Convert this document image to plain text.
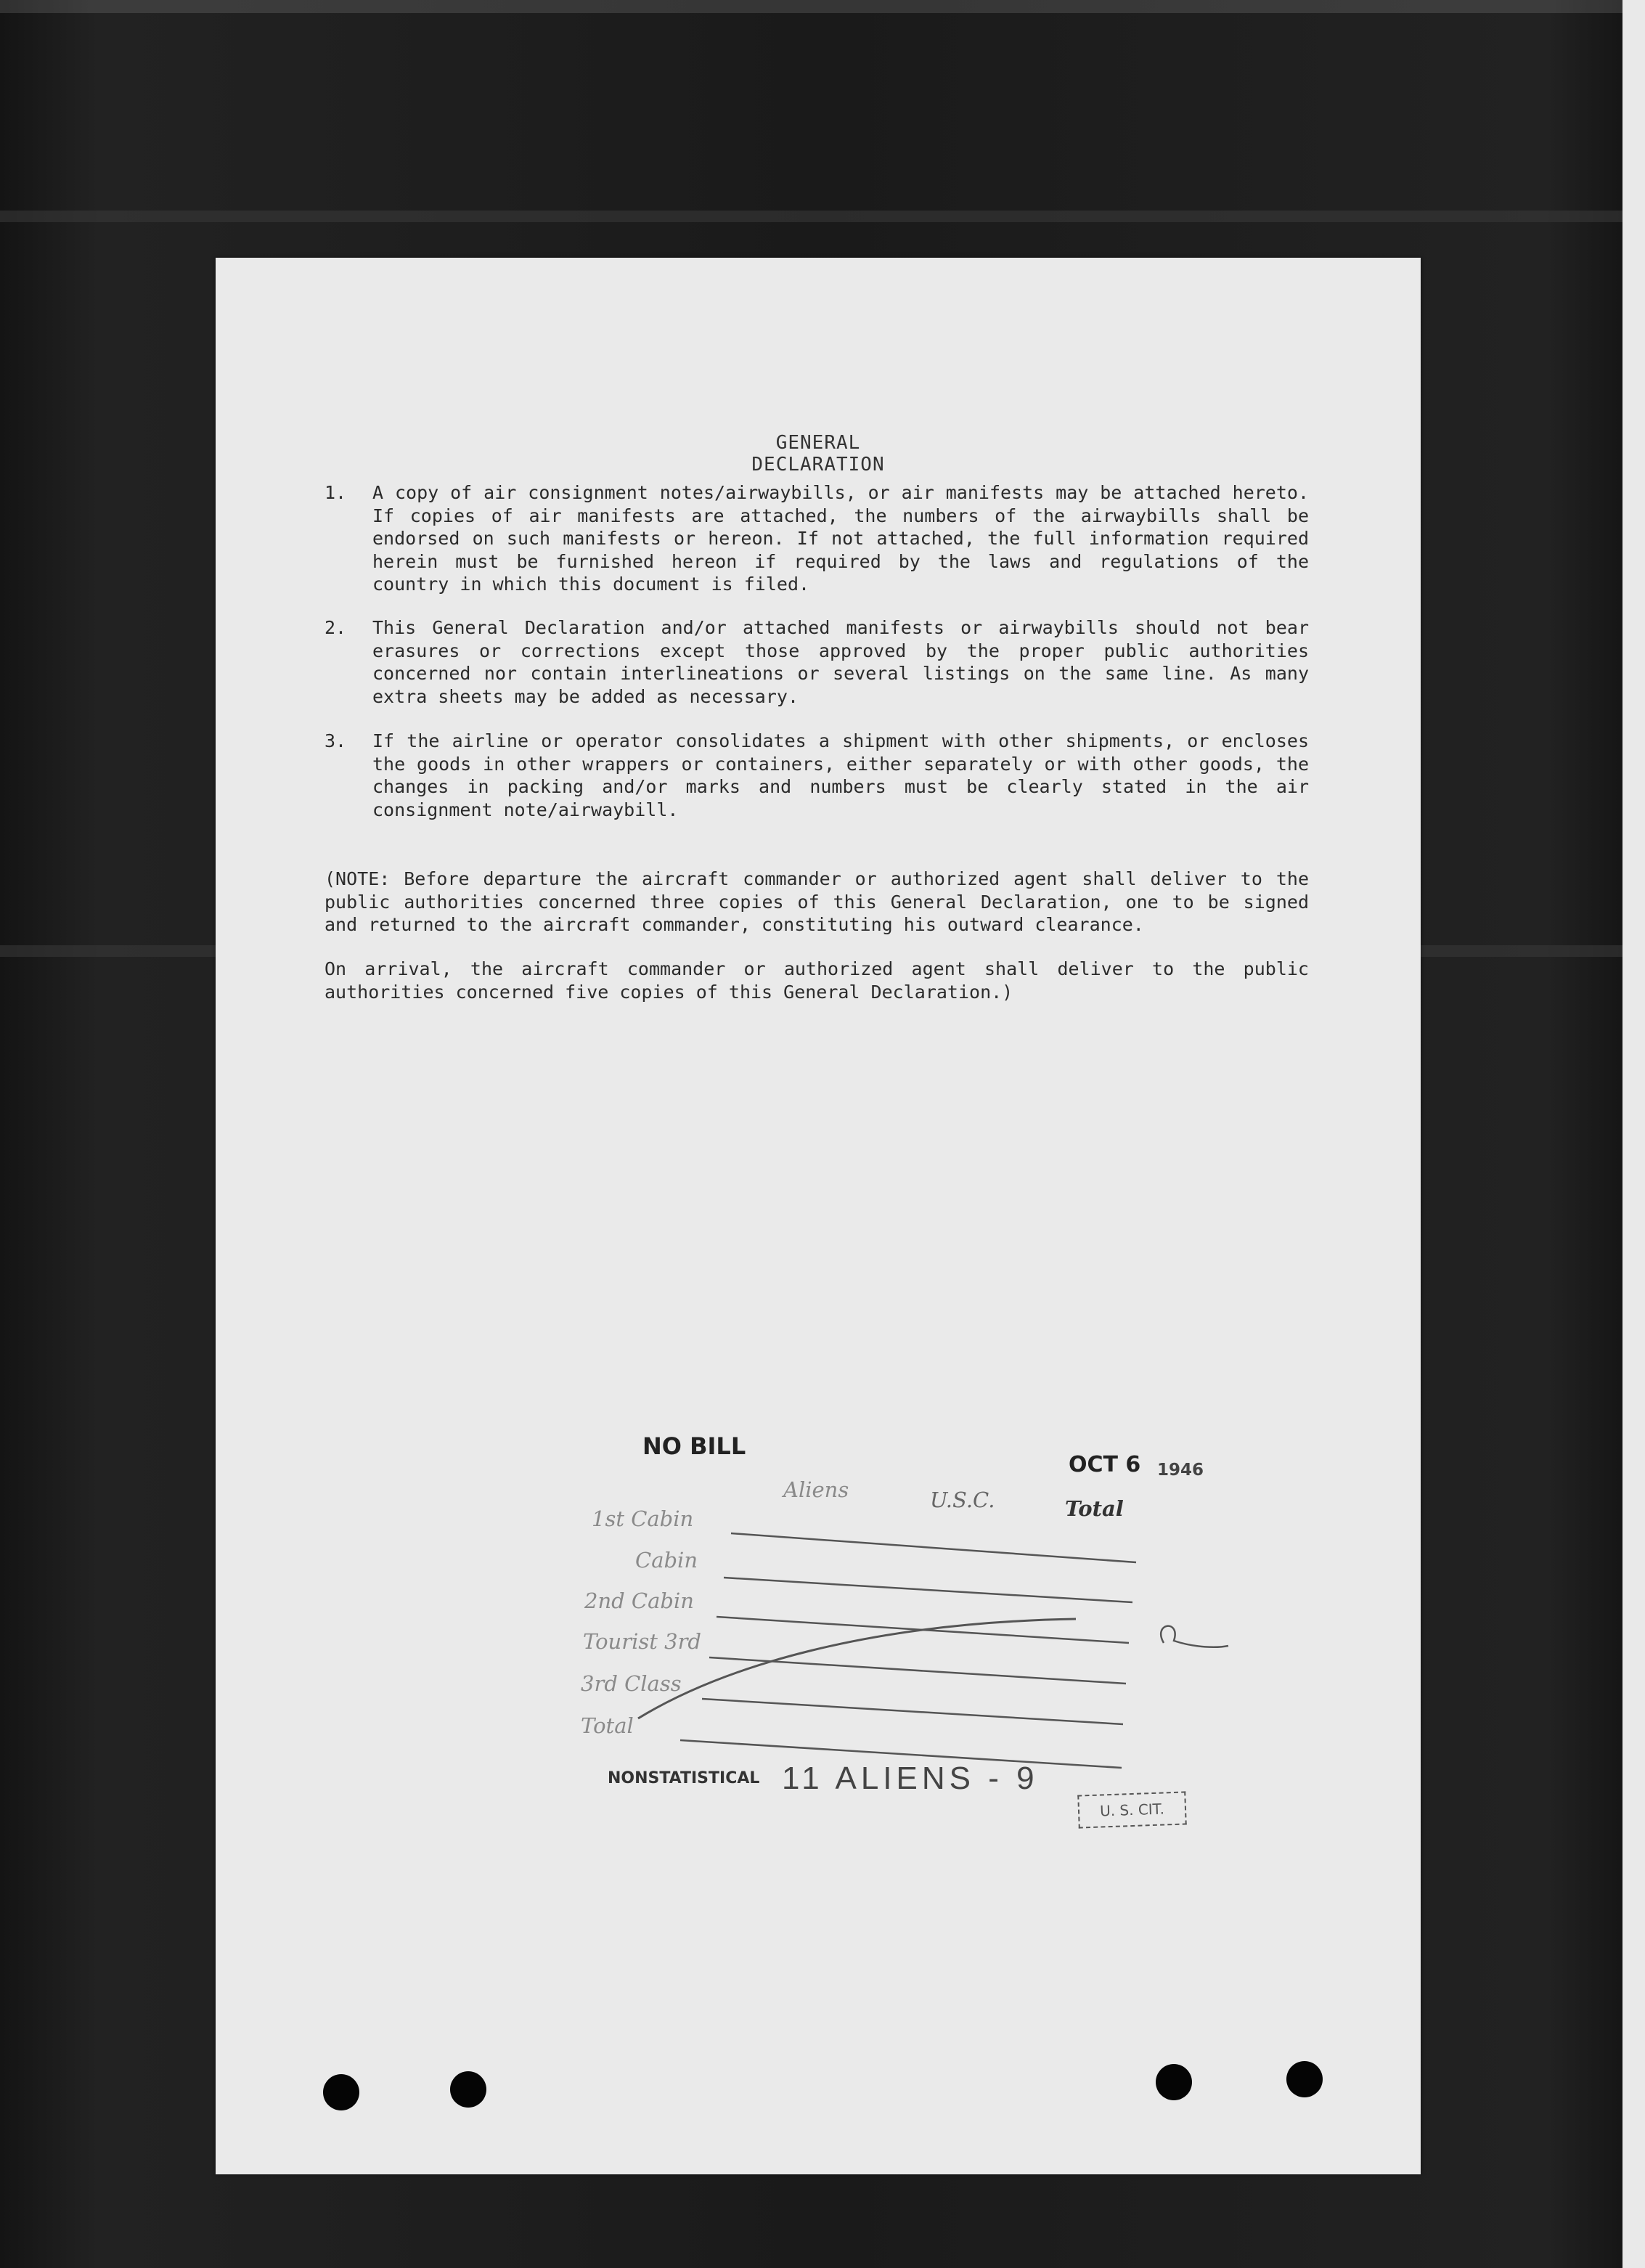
GENERAL DECLARATION
1.	A copy of air consignment notes/airwaybills, or air manifests may be attached hereto. If copies of air manifests are attached, the numbers of the airwaybills shall be endorsed on such manifests or hereon. If not attached, the full information required herein must be furnished hereon if required by the laws and regulations of the country in which this document is filed.
2.	This General Declaration and/or attached manifests or airwaybills should not bear erasures or corrections except those approved by the proper public authorities concerned nor contain interlineations or several listings on the same line. As many extra sheets may be added as necessary.
3.	If the airline or operator consolidates a shipment with other shipments, or encloses the goods in other wrappers or containers, either separately or with other goods, the changes in packing and/or marks and numbers must be clearly stated in the air consignment note/airwaybill.
(NOTE: Before departure the aircraft commander or authorized agent shall deliver to the public authorities concerned three copies of this General Declaration, one to be signed and returned to the aircraft commander, constituting his outward clearance.
On arrival, the aircraft commander or authorized agent shall deliver to the public authorities concerned five copies of this General Declaration.)
NO BILL
OCT 6 1946
Aliens	U.S.C.	Total
1st Cabin
Cabin
2nd Cabin
Tourist 3rd
3rd Class
Total
NONSTATISTICAL 11 ALIENS - 9
U. S. CIT.
